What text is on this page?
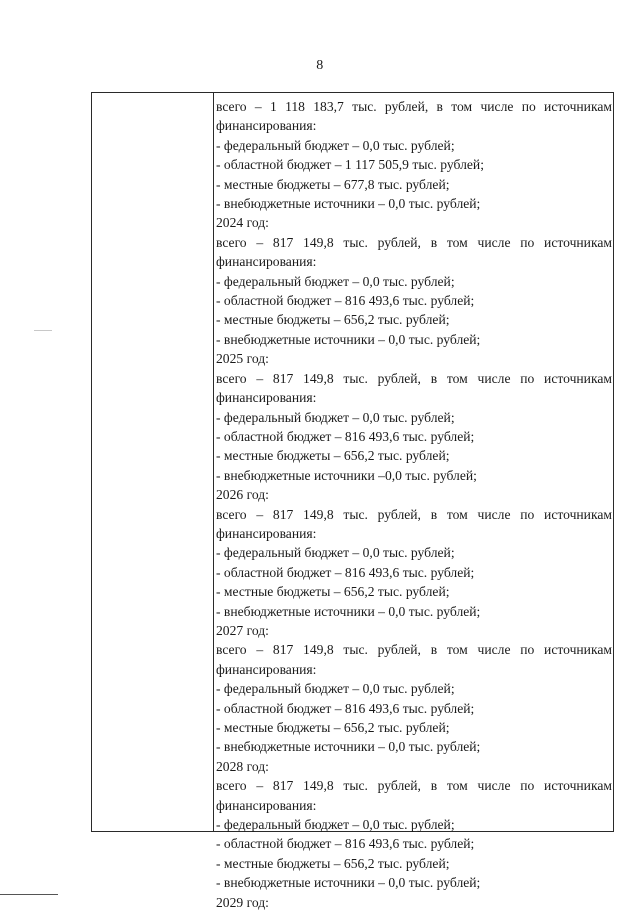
8
всего – 1 118 183,7 тыс. рублей, в том числе по источникам
финансирования:
- федеральный бюджет – 0,0 тыс. рублей;
- областной бюджет – 1 117 505,9 тыс. рублей;
- местные бюджеты – 677,8 тыс. рублей;
- внебюджетные источники – 0,0 тыс. рублей;
2024 год:
всего – 817 149,8 тыс. рублей, в том числе по источникам
финансирования:
- федеральный бюджет – 0,0 тыс. рублей;
- областной бюджет – 816 493,6 тыс. рублей;
- местные бюджеты – 656,2 тыс. рублей;
- внебюджетные источники – 0,0 тыс. рублей;
2025 год:
всего – 817 149,8 тыс. рублей, в том числе по источникам
финансирования:
- федеральный бюджет – 0,0 тыс. рублей;
- областной бюджет – 816 493,6 тыс. рублей;
- местные бюджеты – 656,2 тыс. рублей;
- внебюджетные источники –0,0 тыс. рублей;
2026 год:
всего – 817 149,8 тыс. рублей, в том числе по источникам
финансирования:
- федеральный бюджет – 0,0 тыс. рублей;
- областной бюджет – 816 493,6 тыс. рублей;
- местные бюджеты – 656,2 тыс. рублей;
- внебюджетные источники – 0,0 тыс. рублей;
2027 год:
всего – 817 149,8 тыс. рублей, в том числе по источникам
финансирования:
- федеральный бюджет – 0,0 тыс. рублей;
- областной бюджет – 816 493,6 тыс. рублей;
- местные бюджеты – 656,2 тыс. рублей;
- внебюджетные источники – 0,0 тыс. рублей;
2028 год:
всего – 817 149,8 тыс. рублей, в том числе по источникам
финансирования:
- федеральный бюджет – 0,0 тыс. рублей;
- областной бюджет – 816 493,6 тыс. рублей;
- местные бюджеты – 656,2 тыс. рублей;
- внебюджетные источники – 0,0 тыс. рублей;
2029 год:
